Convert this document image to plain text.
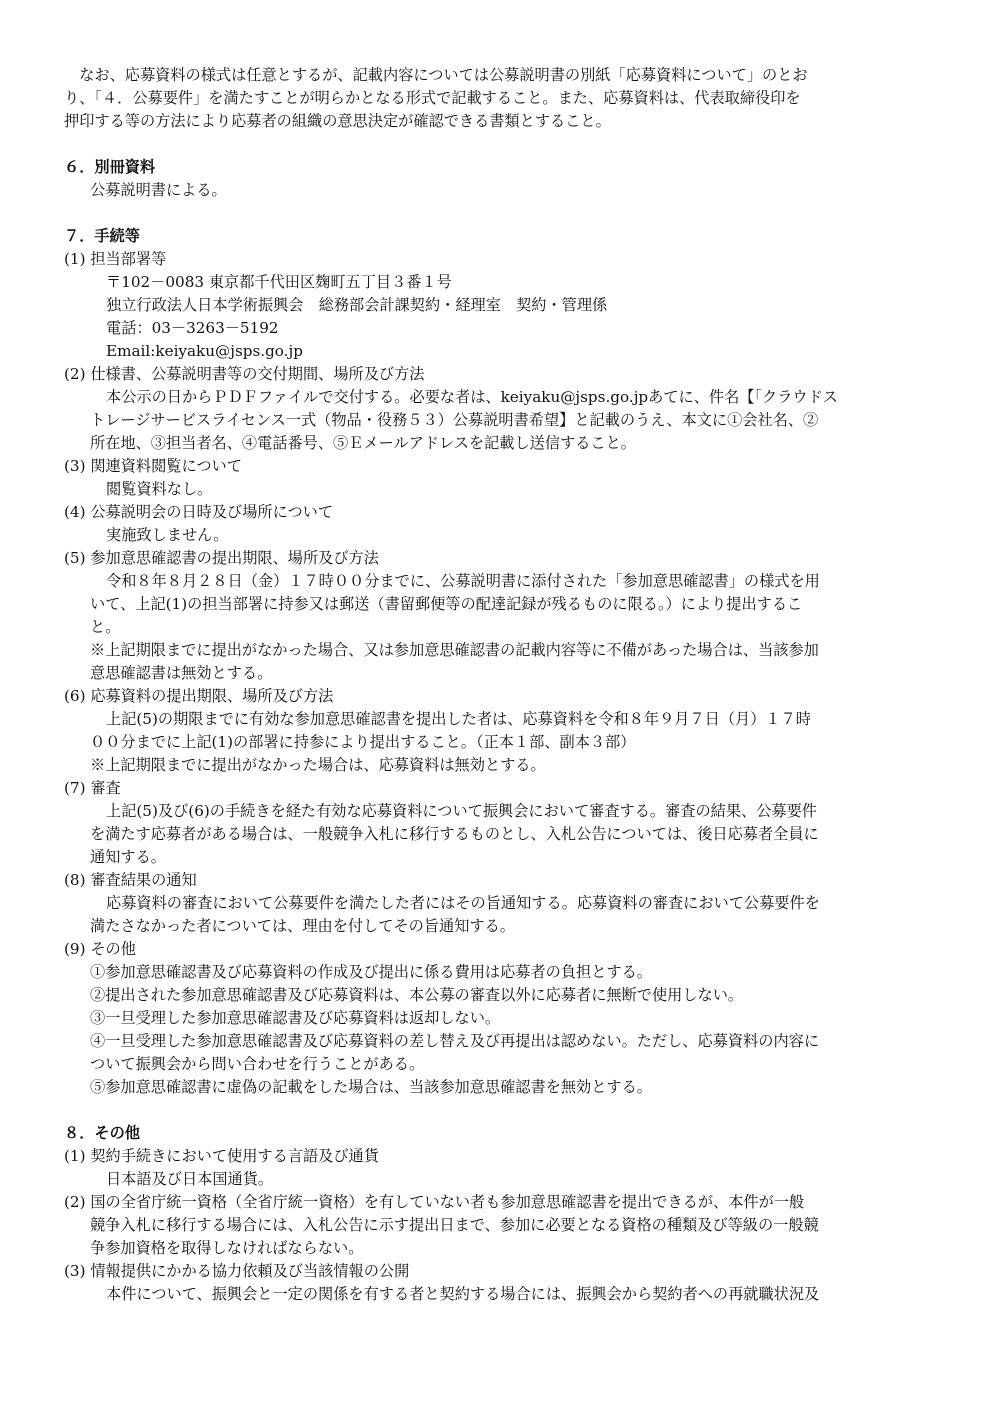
　なお、応募資料の様式は任意とするが、記載内容については公募説明書の別紙「応募資料について」のとお
り、「４．公募要件」を満たすことが明らかとなる形式で記載すること。また、応募資料は、代表取締役印を
押印する等の方法により応募者の組織の意思決定が確認できる書類とすること。
６．別冊資料
公募説明書による。
７．手続等
(1) 担当部署等
〒102－0083 東京都千代田区麹町五丁目３番１号
独立行政法人日本学術振興会　総務部会計課契約・経理室　契約・管理係
電話：03－3263－5192
Email:keiyaku@jsps.go.jp
(2) 仕様書、公募説明書等の交付期間、場所及び方法
本公示の日からＰＤＦファイルで交付する。必要な者は、keiyaku@jsps.go.jpあてに、件名【「クラウドス
トレージサービスライセンス一式（物品・役務５３）公募説明書希望】と記載のうえ、本文に①会社名、②
所在地、③担当者名、④電話番号、⑤Ｅメールアドレスを記載し送信すること。
(3) 関連資料閲覧について
閲覧資料なし。
(4) 公募説明会の日時及び場所について
実施致しません。
(5) 参加意思確認書の提出期限、場所及び方法
令和８年８月２８日（金）１７時００分までに、公募説明書に添付された「参加意思確認書」の様式を用
いて、上記(1)の担当部署に持参又は郵送（書留郵便等の配達記録が残るものに限る。）により提出するこ
と。
※上記期限までに提出がなかった場合、又は参加意思確認書の記載内容等に不備があった場合は、当該参加
意思確認書は無効とする。
(6) 応募資料の提出期限、場所及び方法
上記(5)の期限までに有効な参加意思確認書を提出した者は、応募資料を令和８年９月７日（月）１７時
００分までに上記(1)の部署に持参により提出すること。（正本１部、副本３部）
※上記期限までに提出がなかった場合は、応募資料は無効とする。
(7) 審査
上記(5)及び(6)の手続きを経た有効な応募資料について振興会において審査する。審査の結果、公募要件
を満たす応募者がある場合は、一般競争入札に移行するものとし、入札公告については、後日応募者全員に
通知する。
(8) 審査結果の通知
応募資料の審査において公募要件を満たした者にはその旨通知する。応募資料の審査において公募要件を
満たさなかった者については、理由を付してその旨通知する。
(9) その他
①参加意思確認書及び応募資料の作成及び提出に係る費用は応募者の負担とする。
②提出された参加意思確認書及び応募資料は、本公募の審査以外に応募者に無断で使用しない。
③一旦受理した参加意思確認書及び応募資料は返却しない。
④一旦受理した参加意思確認書及び応募資料の差し替え及び再提出は認めない。ただし、応募資料の内容に
ついて振興会から問い合わせを行うことがある。
⑤参加意思確認書に虚偽の記載をした場合は、当該参加意思確認書を無効とする。
８．その他
(1) 契約手続きにおいて使用する言語及び通貨
日本語及び日本国通貨。
(2) 国の全省庁統一資格（全省庁統一資格）を有していない者も参加意思確認書を提出できるが、本件が一般
競争入札に移行する場合には、入札公告に示す提出日まで、参加に必要となる資格の種類及び等級の一般競
争参加資格を取得しなければならない。
(3) 情報提供にかかる協力依頼及び当該情報の公開
本件について、振興会と一定の関係を有する者と契約する場合には、振興会から契約者への再就職状況及
